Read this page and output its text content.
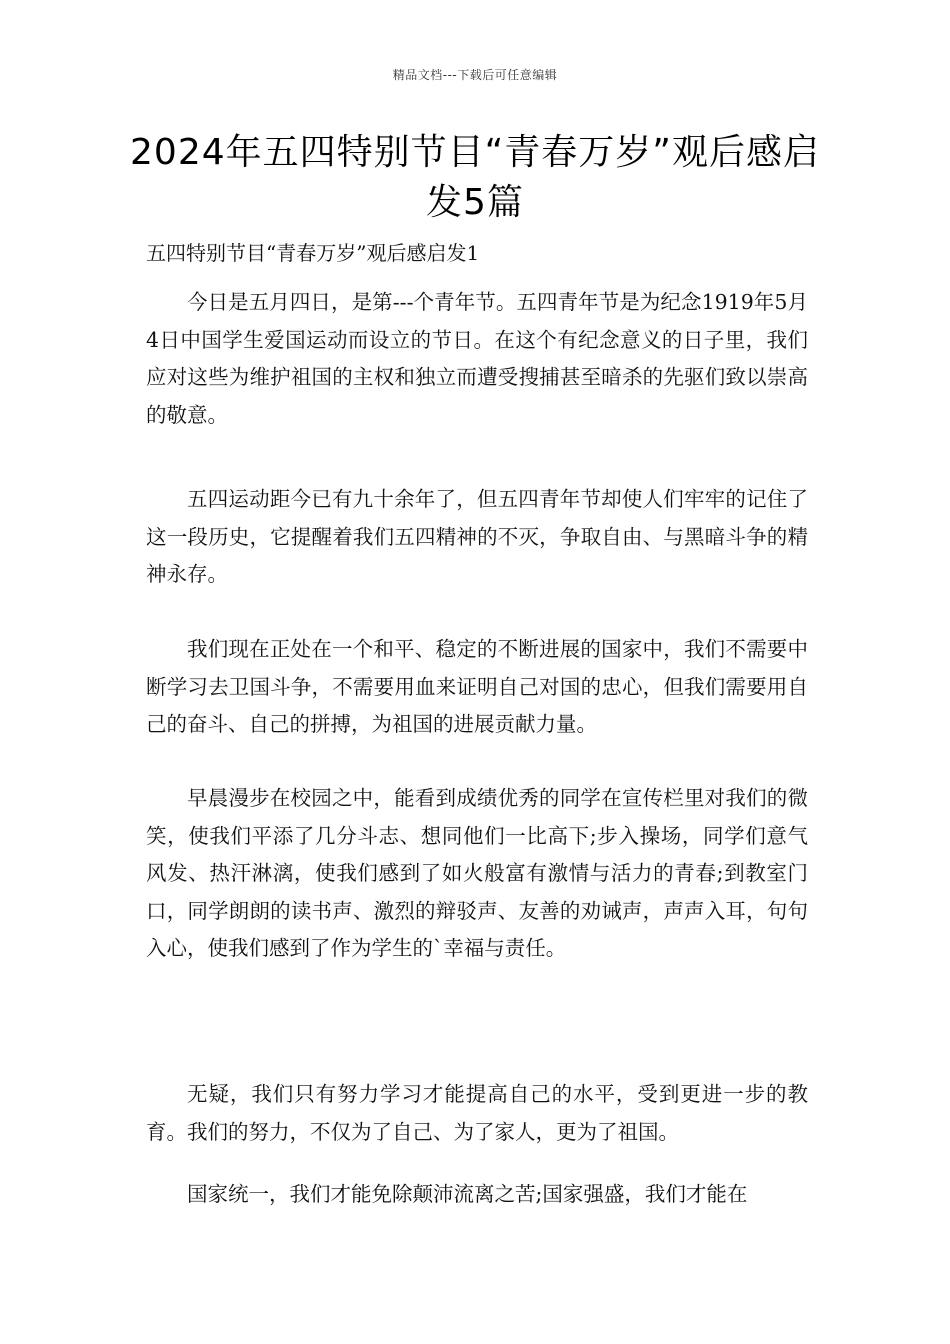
精品文档---下载后可任意编辑
2024年五四特别节目“青春万岁”观后感启发5篇

五四特别节目“青春万岁”观后感启发1

今日是五月四日，是第---个青年节。五四青年节是为纪念1919年5月4日中国学生爱国运动而设立的节日。在这个有纪念意义的日子里，我们应对这些为维护祖国的主权和独立而遭受搜捕甚至暗杀的先驱们致以崇高的敬意。

五四运动距今已有九十余年了，但五四青年节却使人们牢牢的记住了这一段历史，它提醒着我们五四精神的不灭，争取自由、与黑暗斗争的精神永存。

我们现在正处在一个和平、稳定的不断进展的国家中，我们不需要中断学习去卫国斗争，不需要用血来证明自己对国的忠心，但我们需要用自己的奋斗、自己的拼搏，为祖国的进展贡献力量。

早晨漫步在校园之中，能看到成绩优秀的同学在宣传栏里对我们的微笑，使我们平添了几分斗志、想同他们一比高下;步入操场，同学们意气风发、热汗淋漓，使我们感到了如火般富有激情与活力的青春;到教室门口，同学朗朗的读书声、激烈的辩驳声、友善的劝诫声，声声入耳，句句入心，使我们感到了作为学生的`幸福与责任。

无疑，我们只有努力学习才能提高自己的水平，受到更进一步的教育。我们的努力，不仅为了自己、为了家人，更为了祖国。

国家统一，我们才能免除颠沛流离之苦;国家强盛，我们才能在
